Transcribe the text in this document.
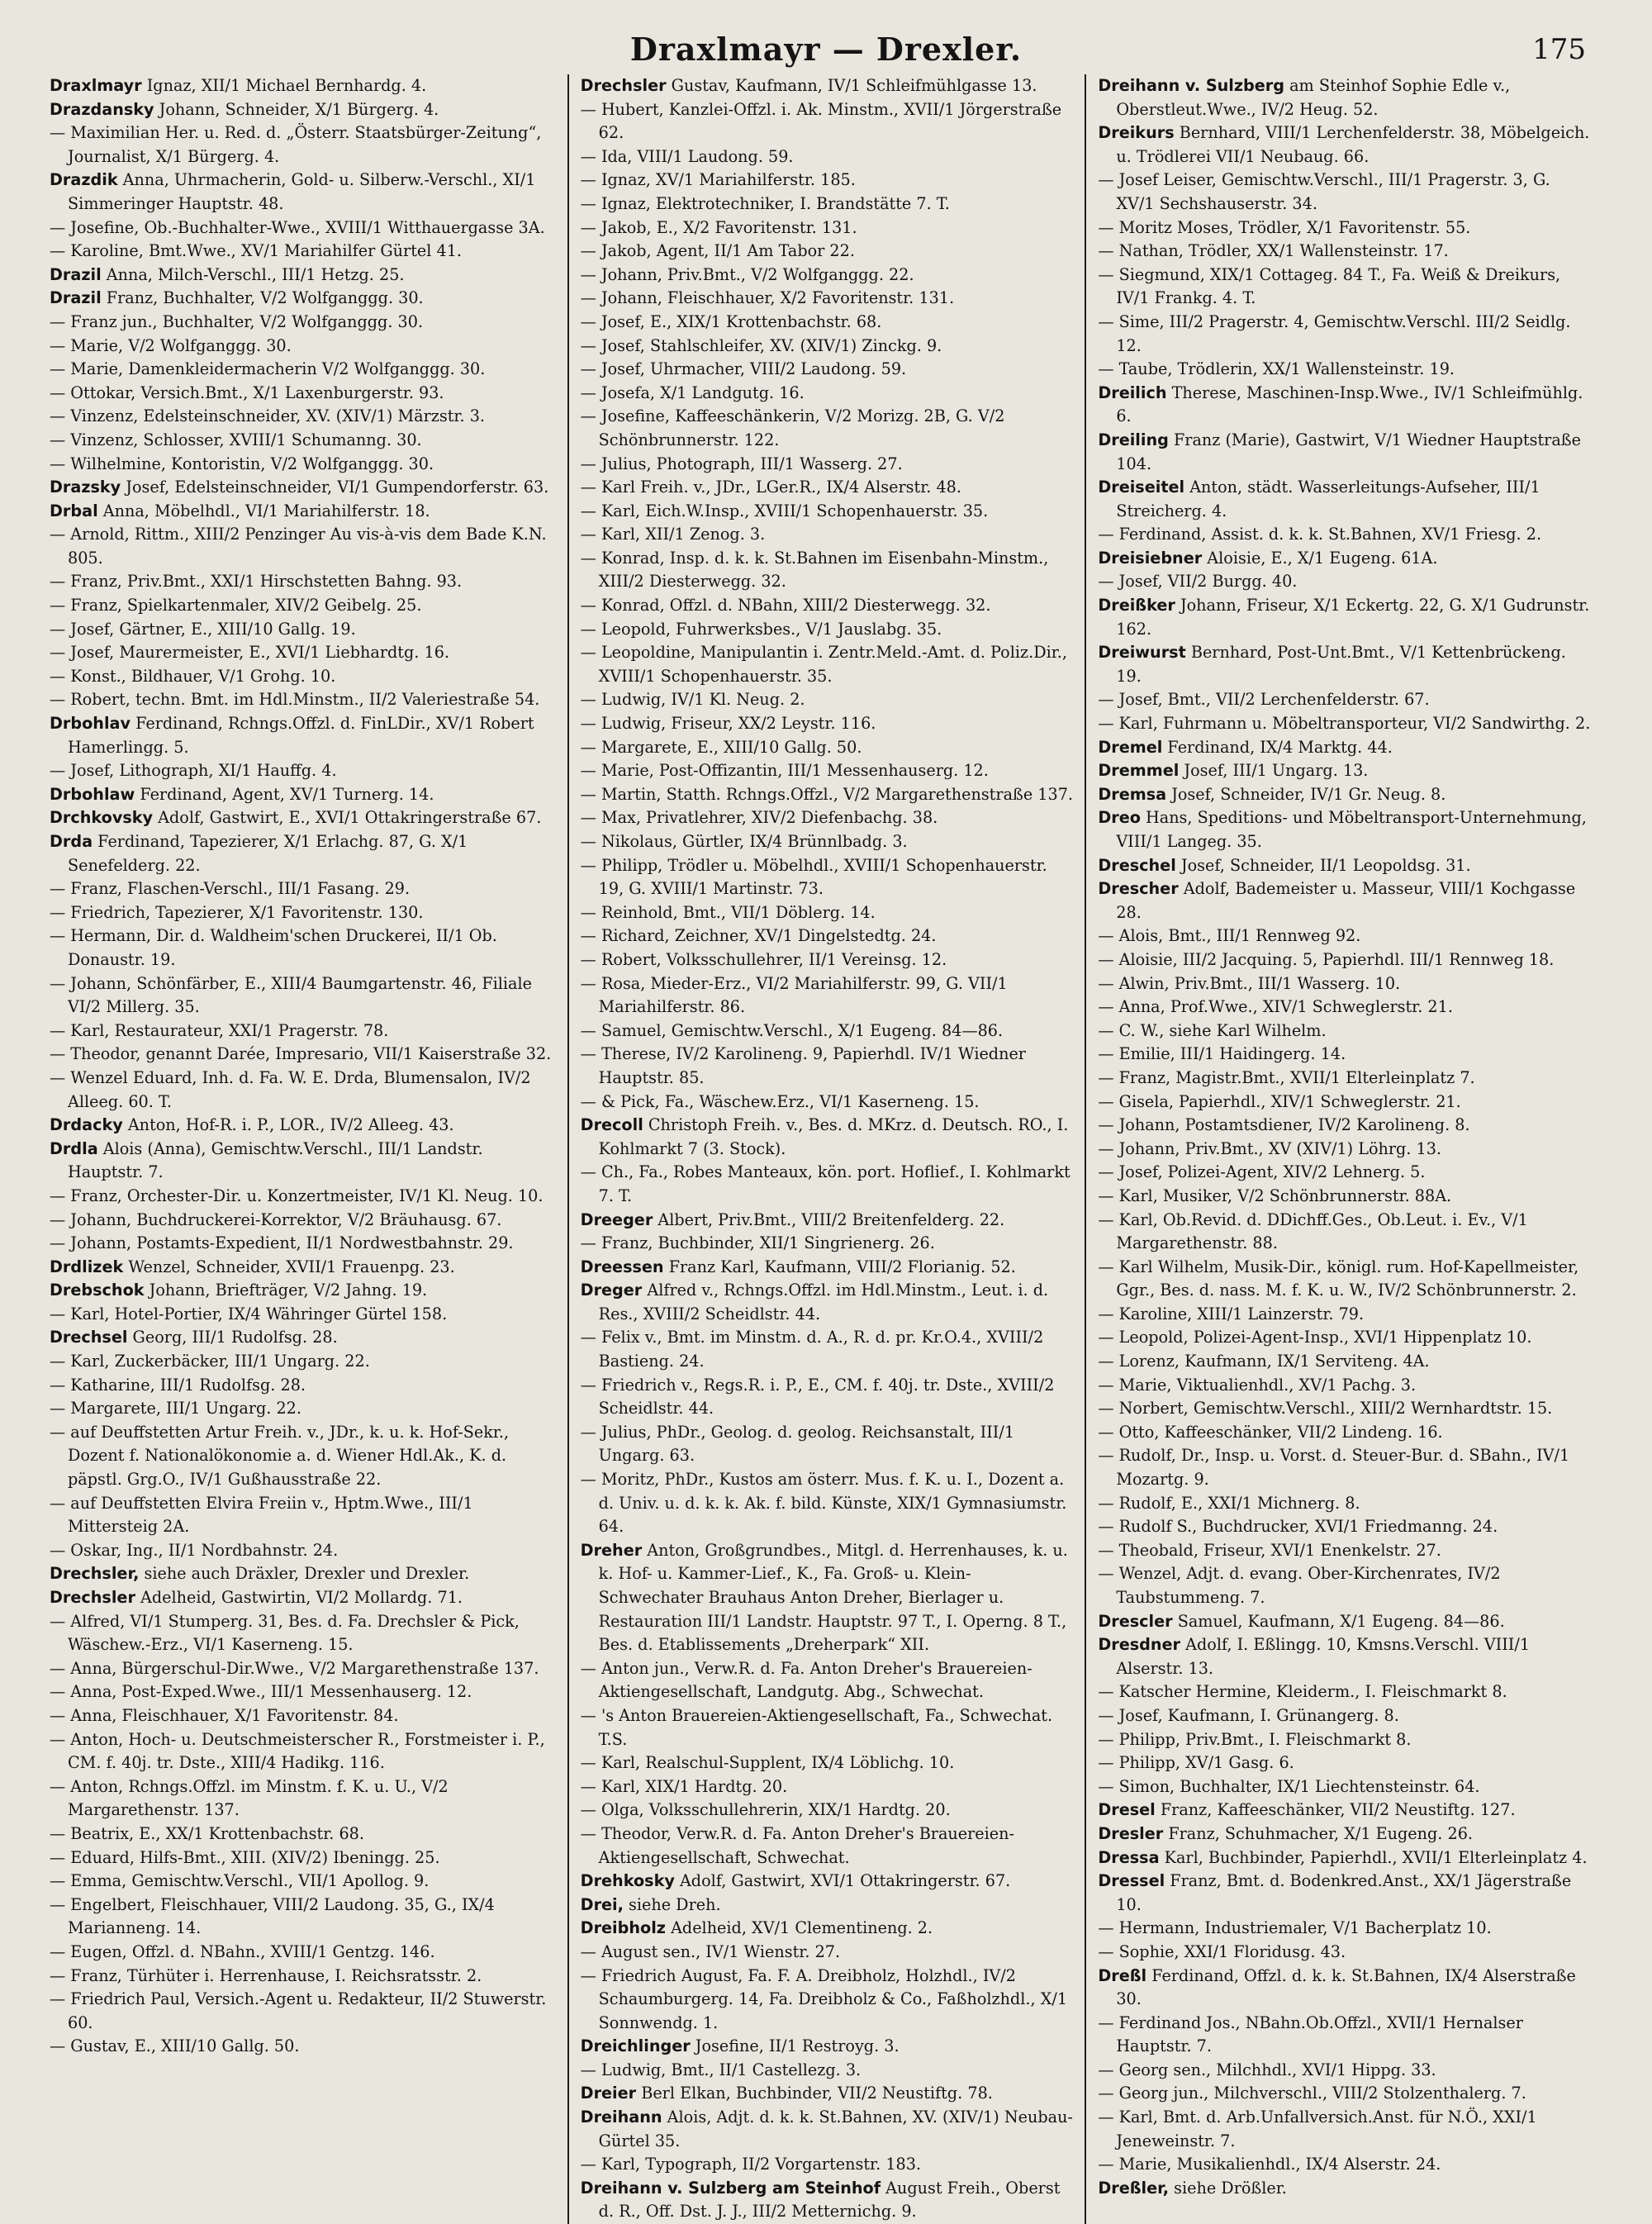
Draxlmayr — Drexler.	175

Draxlmayr Ignaz, XII/1 Michael Bernhardg. 4.

Drazdansky Johann, Schneider, X/1 Bürgerg. 4.

— Maximilian Her. u. Red. d. „Österr. Staatsbürger-Zeitung“, Journalist, X/1 Bürgerg. 4.

Drazdik Anna, Uhrmacherin, Gold- u. Silberw.-Verschl., XI/1 Simmeringer Hauptstr. 48.

— Josefine, Ob.-Buchhalter-Wwe., XVIII/1 Witthauergasse 3A.

— Karoline, Bmt.Wwe., XV/1 Mariahilfer Gürtel 41.

Drazil Anna, Milch-Verschl., III/1 Hetzg. 25.

Drazil Franz, Buchhalter, V/2 Wolfganggg. 30.

— Franz jun., Buchhalter, V/2 Wolfganggg. 30.

— Marie, V/2 Wolfganggg. 30.

— Marie, Damenkleidermacherin V/2 Wolfganggg. 30.

— Ottokar, Versich.Bmt., X/1 Laxenburgerstr. 93.

— Vinzenz, Edelsteinschneider, XV. (XIV/1) Märzstr. 3.

— Vinzenz, Schlosser, XVIII/1 Schumanng. 30.

— Wilhelmine, Kontoristin, V/2 Wolfganggg. 30.

Drazsky Josef, Edelsteinschneider, VI/1 Gumpendorferstr. 63.

Drbal Anna, Möbelhdl., VI/1 Mariahilferstr. 18.

— Arnold, Rittm., XIII/2 Penzinger Au vis-à-vis dem Bade K.N. 805.

— Franz, Priv.Bmt., XXI/1 Hirschstetten Bahng. 93.

— Franz, Spielkartenmaler, XIV/2 Geibelg. 25.

— Josef, Gärtner, E., XIII/10 Gallg. 19.

— Josef, Maurermeister, E., XVI/1 Liebhardtg. 16.

— Konst., Bildhauer, V/1 Grohg. 10.

— Robert, techn. Bmt. im Hdl.Minstm., II/2 Valeriestraße 54.

Drbohlav Ferdinand, Rchngs.Offzl. d. FinLDir., XV/1 Robert Hamerlingg. 5.

— Josef, Lithograph, XI/1 Hauffg. 4.

Drbohlaw Ferdinand, Agent, XV/1 Turnerg. 14.

Drchkovsky Adolf, Gastwirt, E., XVI/1 Ottakringerstraße 67.

Drda Ferdinand, Tapezierer, X/1 Erlachg. 87, G. X/1 Senefelderg. 22.

— Franz, Flaschen-Verschl., III/1 Fasang. 29.

— Friedrich, Tapezierer, X/1 Favoritenstr. 130.

— Hermann, Dir. d. Waldheim'schen Druckerei, II/1 Ob. Donaustr. 19.

— Johann, Schönfärber, E., XIII/4 Baumgartenstr. 46, Filiale VI/2 Millerg. 35.

— Karl, Restaurateur, XXI/1 Pragerstr. 78.

— Theodor, genannt Darée, Impresario, VII/1 Kaiserstraße 32.

— Wenzel Eduard, Inh. d. Fa. W. E. Drda, Blumensalon, IV/2 Alleeg. 60. T.

Drdacky Anton, Hof-R. i. P., LOR., IV/2 Alleeg. 43.

Drdla Alois (Anna), Gemischtw.Verschl., III/1 Landstr. Hauptstr. 7.

— Franz, Orchester-Dir. u. Konzertmeister, IV/1 Kl. Neug. 10.

— Johann, Buchdruckerei-Korrektor, V/2 Bräuhausg. 67.

— Johann, Postamts-Expedient, II/1 Nordwestbahnstr. 29.

Drdlizek Wenzel, Schneider, XVII/1 Frauenpg. 23.

Drebschok Johann, Briefträger, V/2 Jahng. 19.

— Karl, Hotel-Portier, IX/4 Währinger Gürtel 158.

Drechsel Georg, III/1 Rudolfsg. 28.

— Karl, Zuckerbäcker, III/1 Ungarg. 22.

— Katharine, III/1 Rudolfsg. 28.

— Margarete, III/1 Ungarg. 22.

— auf Deuffstetten Artur Freih. v., JDr., k. u. k. Hof-Sekr., Dozent f. Nationalökonomie a. d. Wiener Hdl.Ak., K. d. päpstl. Grg.O., IV/1 Gußhausstraße 22.

— auf Deuffstetten Elvira Freiin v., Hptm.Wwe., III/1 Mittersteig 2A.

— Oskar, Ing., II/1 Nordbahnstr. 24.

Drechsler, siehe auch Dräxler, Drexler und Drexler.

Drechsler Adelheid, Gastwirtin, VI/2 Mollardg. 71.

— Alfred, VI/1 Stumperg. 31, Bes. d. Fa. Drechsler & Pick, Wäschew.-Erz., VI/1 Kaserneng. 15.

— Anna, Bürgerschul-Dir.Wwe., V/2 Margarethenstraße 137.

— Anna, Post-Exped.Wwe., III/1 Messenhauserg. 12.

— Anna, Fleischhauer, X/1 Favoritenstr. 84.

— Anton, Hoch- u. Deutschmeisterscher R., Forstmeister i. P., CM. f. 40j. tr. Dste., XIII/4 Hadikg. 116.

— Anton, Rchngs.Offzl. im Minstm. f. K. u. U., V/2 Margarethenstr. 137.

— Beatrix, E., XX/1 Krottenbachstr. 68.

— Eduard, Hilfs-Bmt., XIII. (XIV/2) Ibeningg. 25.

— Emma, Gemischtw.Verschl., VII/1 Apollog. 9.

— Engelbert, Fleischhauer, VIII/2 Laudong. 35, G., IX/4 Marianneng. 14.

— Eugen, Offzl. d. NBahn., XVIII/1 Gentzg. 146.

— Franz, Türhüter i. Herrenhause, I. Reichsratsstr. 2.

— Friedrich Paul, Versich.-Agent u. Redakteur, II/2 Stuwerstr. 60.

— Gustav, E., XIII/10 Gallg. 50.

Drechsler Gustav, Kaufmann, IV/1 Schleifmühlgasse 13.

— Hubert, Kanzlei-Offzl. i. Ak. Minstm., XVII/1 Jörgerstraße 62.

— Ida, VIII/1 Laudong. 59.

— Ignaz, XV/1 Mariahilferstr. 185.

— Ignaz, Elektrotechniker, I. Brandstätte 7. T.

— Jakob, E., X/2 Favoritenstr. 131.

— Jakob, Agent, II/1 Am Tabor 22.

— Johann, Priv.Bmt., V/2 Wolfganggg. 22.

— Johann, Fleischhauer, X/2 Favoritenstr. 131.

— Josef, E., XIX/1 Krottenbachstr. 68.

— Josef, Stahlschleifer, XV. (XIV/1) Zinckg. 9.

— Josef, Uhrmacher, VIII/2 Laudong. 59.

— Josefa, X/1 Landgutg. 16.

— Josefine, Kaffeeschänkerin, V/2 Morizg. 2B, G. V/2 Schönbrunnerstr. 122.

— Julius, Photograph, III/1 Wasserg. 27.

— Karl Freih. v., JDr., LGer.R., IX/4 Alserstr. 48.

— Karl, Eich.W.Insp., XVIII/1 Schopenhauerstr. 35.

— Karl, XII/1 Zenog. 3.

— Konrad, Insp. d. k. k. St.Bahnen im Eisenbahn-Minstm., XIII/2 Diesterwegg. 32.

— Konrad, Offzl. d. NBahn, XIII/2 Diesterwegg. 32.

— Leopold, Fuhrwerksbes., V/1 Jauslabg. 35.

— Leopoldine, Manipulantin i. Zentr.Meld.-Amt. d. Poliz.Dir., XVIII/1 Schopenhauerstr. 35.

— Ludwig, IV/1 Kl. Neug. 2.

— Ludwig, Friseur, XX/2 Leystr. 116.

— Margarete, E., XIII/10 Gallg. 50.

— Marie, Post-Offizantin, III/1 Messenhauserg. 12.

— Martin, Statth. Rchngs.Offzl., V/2 Margarethenstraße 137.

— Max, Privatlehrer, XIV/2 Diefenbachg. 38.

— Nikolaus, Gürtler, IX/4 Brünnlbadg. 3.

— Philipp, Trödler u. Möbelhdl., XVIII/1 Schopenhauerstr. 19, G. XVIII/1 Martinstr. 73.

— Reinhold, Bmt., VII/1 Döblerg. 14.

— Richard, Zeichner, XV/1 Dingelstedtg. 24.

— Robert, Volksschullehrer, II/1 Vereinsg. 12.

— Rosa, Mieder-Erz., VI/2 Mariahilferstr. 99, G. VII/1 Mariahilferstr. 86.

— Samuel, Gemischtw.Verschl., X/1 Eugeng. 84—86.

— Therese, IV/2 Karolineng. 9, Papierhdl. IV/1 Wiedner Hauptstr. 85.

— & Pick, Fa., Wäschew.Erz., VI/1 Kaserneng. 15.

Drecoll Christoph Freih. v., Bes. d. MKrz. d. Deutsch. RO., I. Kohlmarkt 7 (3. Stock).

— Ch., Fa., Robes Manteaux, kön. port. Hoflief., I. Kohlmarkt 7. T.

Dreeger Albert, Priv.Bmt., VIII/2 Breitenfelderg. 22.

— Franz, Buchbinder, XII/1 Singrienerg. 26.

Dreessen Franz Karl, Kaufmann, VIII/2 Florianig. 52.

Dreger Alfred v., Rchngs.Offzl. im Hdl.Minstm., Leut. i. d. Res., XVIII/2 Scheidlstr. 44.

— Felix v., Bmt. im Minstm. d. A., R. d. pr. Kr.O.4., XVIII/2 Bastieng. 24.

— Friedrich v., Regs.R. i. P., E., CM. f. 40j. tr. Dste., XVIII/2 Scheidlstr. 44.

— Julius, PhDr., Geolog. d. geolog. Reichsanstalt, III/1 Ungarg. 63.

— Moritz, PhDr., Kustos am österr. Mus. f. K. u. I., Dozent a. d. Univ. u. d. k. k. Ak. f. bild. Künste, XIX/1 Gymnasiumstr. 64.

Dreher Anton, Großgrundbes., Mitgl. d. Herrenhauses, k. u. k. Hof- u. Kammer-Lief., K., Fa. Groß- u. Klein-Schwechater Brauhaus Anton Dreher, Bierlager u. Restauration III/1 Landstr. Hauptstr. 97 T., I. Operng. 8 T., Bes. d. Etablissements „Dreherpark“ XII.

— Anton jun., Verw.R. d. Fa. Anton Dreher's Brauereien-Aktiengesellschaft, Landgutg. Abg., Schwechat.

— 's Anton Brauereien-Aktiengesellschaft, Fa., Schwechat. T.S.

— Karl, Realschul-Supplent, IX/4 Löblichg. 10.

— Karl, XIX/1 Hardtg. 20.

— Olga, Volksschullehrerin, XIX/1 Hardtg. 20.

— Theodor, Verw.R. d. Fa. Anton Dreher's Brauereien-Aktiengesellschaft, Schwechat.

Drehkosky Adolf, Gastwirt, XVI/1 Ottakringerstr. 67.

Drei, siehe Dreh.

Dreibholz Adelheid, XV/1 Clementineng. 2.

— August sen., IV/1 Wienstr. 27.

— Friedrich August, Fa. F. A. Dreibholz, Holzhdl., IV/2 Schaumburgerg. 14, Fa. Dreibholz & Co., Faßholzhdl., X/1 Sonnwendg. 1.

Dreichlinger Josefine, II/1 Restroyg. 3.

— Ludwig, Bmt., II/1 Castellezg. 3.

Dreier Berl Elkan, Buchbinder, VII/2 Neustiftg. 78.

Dreihann Alois, Adjt. d. k. k. St.Bahnen, XV. (XIV/1) Neubau-Gürtel 35.

— Karl, Typograph, II/2 Vorgartenstr. 183.

Dreihann v. Sulzberg am Steinhof August Freih., Oberst d. R., Off. Dst. J. J., III/2 Metternichg. 9.

Dreihann v. Sulzberg am Steinhof Sophie Edle v., Oberstleut.Wwe., IV/2 Heug. 52.

Dreikurs Bernhard, VIII/1 Lerchenfelderstr. 38, Möbelgeich. u. Trödlerei VII/1 Neubaug. 66.

— Josef Leiser, Gemischtw.Verschl., III/1 Pragerstr. 3, G. XV/1 Sechshauserstr. 34.

— Moritz Moses, Trödler, X/1 Favoritenstr. 55.

— Nathan, Trödler, XX/1 Wallensteinstr. 17.

— Siegmund, XIX/1 Cottageg. 84 T., Fa. Weiß & Dreikurs, IV/1 Frankg. 4. T.

— Sime, III/2 Pragerstr. 4, Gemischtw.Verschl. III/2 Seidlg. 12.

— Taube, Trödlerin, XX/1 Wallensteinstr. 19.

Dreilich Therese, Maschinen-Insp.Wwe., IV/1 Schleifmühlg. 6.

Dreiling Franz (Marie), Gastwirt, V/1 Wiedner Hauptstraße 104.

Dreiseitel Anton, städt. Wasserleitungs-Aufseher, III/1 Streicherg. 4.

— Ferdinand, Assist. d. k. k. St.Bahnen, XV/1 Friesg. 2.

Dreisiebner Aloisie, E., X/1 Eugeng. 61A.

— Josef, VII/2 Burgg. 40.

Dreißker Johann, Friseur, X/1 Eckertg. 22, G. X/1 Gudrunstr. 162.

Dreiwurst Bernhard, Post-Unt.Bmt., V/1 Kettenbrückeng. 19.

— Josef, Bmt., VII/2 Lerchenfelderstr. 67.

— Karl, Fuhrmann u. Möbeltransporteur, VI/2 Sandwirthg. 2.

Dremel Ferdinand, IX/4 Marktg. 44.

Dremmel Josef, III/1 Ungarg. 13.

Dremsa Josef, Schneider, IV/1 Gr. Neug. 8.

Dreo Hans, Speditions- und Möbeltransport-Unternehmung, VIII/1 Langeg. 35.

Dreschel Josef, Schneider, II/1 Leopoldsg. 31.

Drescher Adolf, Bademeister u. Masseur, VIII/1 Kochgasse 28.

— Alois, Bmt., III/1 Rennweg 92.

— Aloisie, III/2 Jacquing. 5, Papierhdl. III/1 Rennweg 18.

— Alwin, Priv.Bmt., III/1 Wasserg. 10.

— Anna, Prof.Wwe., XIV/1 Schweglerstr. 21.

— C. W., siehe Karl Wilhelm.

— Emilie, III/1 Haidingerg. 14.

— Franz, Magistr.Bmt., XVII/1 Elterleinplatz 7.

— Gisela, Papierhdl., XIV/1 Schweglerstr. 21.

— Johann, Postamtsdiener, IV/2 Karolineng. 8.

— Johann, Priv.Bmt., XV (XIV/1) Löhrg. 13.

— Josef, Polizei-Agent, XIV/2 Lehnerg. 5.

— Karl, Musiker, V/2 Schönbrunnerstr. 88A.

— Karl, Ob.Revid. d. DDichff.Ges., Ob.Leut. i. Ev., V/1 Margarethenstr. 88.

— Karl Wilhelm, Musik-Dir., königl. rum. Hof-Kapellmeister, Ggr., Bes. d. nass. M. f. K. u. W., IV/2 Schönbrunnerstr. 2.

— Karoline, XIII/1 Lainzerstr. 79.

— Leopold, Polizei-Agent-Insp., XVI/1 Hippenplatz 10.

— Lorenz, Kaufmann, IX/1 Serviteng. 4A.

— Marie, Viktualienhdl., XV/1 Pachg. 3.

— Norbert, Gemischtw.Verschl., XIII/2 Wernhardtstr. 15.

— Otto, Kaffeeschänker, VII/2 Lindeng. 16.

— Rudolf, Dr., Insp. u. Vorst. d. Steuer-Bur. d. SBahn., IV/1 Mozartg. 9.

— Rudolf, E., XXI/1 Michnerg. 8.

— Rudolf S., Buchdrucker, XVI/1 Friedmanng. 24.

— Theobald, Friseur, XVI/1 Enenkelstr. 27.

— Wenzel, Adjt. d. evang. Ober-Kirchenrates, IV/2 Taubstummeng. 7.

Drescler Samuel, Kaufmann, X/1 Eugeng. 84—86.

Dresdner Adolf, I. Eßlingg. 10, Kmsns.Verschl. VIII/1 Alserstr. 13.

— Katscher Hermine, Kleiderm., I. Fleischmarkt 8.

— Josef, Kaufmann, I. Grünangerg. 8.

— Philipp, Priv.Bmt., I. Fleischmarkt 8.

— Philipp, XV/1 Gasg. 6.

— Simon, Buchhalter, IX/1 Liechtensteinstr. 64.

Dresel Franz, Kaffeeschänker, VII/2 Neustiftg. 127.

Dresler Franz, Schuhmacher, X/1 Eugeng. 26.

Dressa Karl, Buchbinder, Papierhdl., XVII/1 Elterleinplatz 4.

Dressel Franz, Bmt. d. Bodenkred.Anst., XX/1 Jägerstraße 10.

— Hermann, Industriemaler, V/1 Bacherplatz 10.

— Sophie, XXI/1 Floridusg. 43.

Dreßl Ferdinand, Offzl. d. k. k. St.Bahnen, IX/4 Alserstraße 30.

— Ferdinand Jos., NBahn.Ob.Offzl., XVII/1 Hernalser Hauptstr. 7.

— Georg sen., Milchhdl., XVI/1 Hippg. 33.

— Georg jun., Milchverschl., VIII/2 Stolzenthalerg. 7.

— Karl, Bmt. d. Arb.Unfallversich.Anst. für N.Ö., XXI/1 Jeneweinstr. 7.

— Marie, Musikalienhdl., IX/4 Alserstr. 24.

Dreßler, siehe Drößler.
